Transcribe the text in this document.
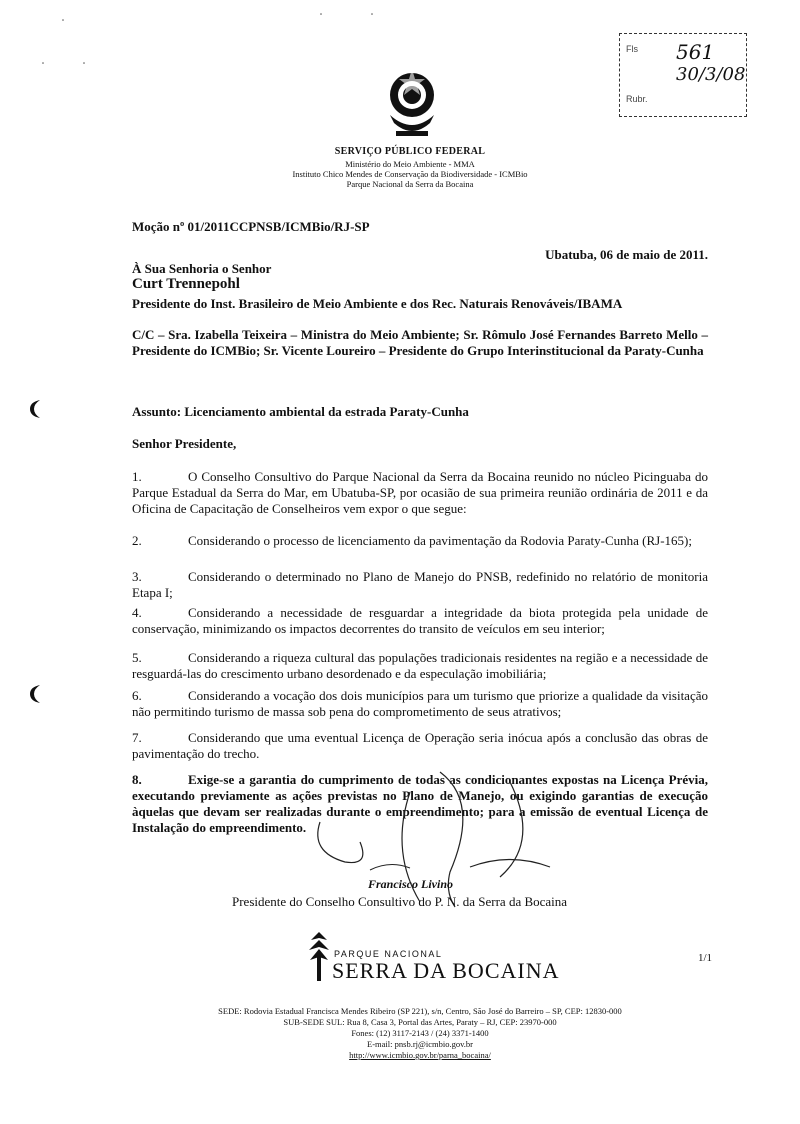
Fls 561
30/3/08
Rubr.
SERVIÇO PÚBLICO FEDERAL
Ministério do Meio Ambiente - MMA
Instituto Chico Mendes de Conservação da Biodiversidade - ICMBio
Parque Nacional da Serra da Bocaina
Moção nº 01/2011CCPNSB/ICMBio/RJ-SP
Ubatuba, 06 de maio de 2011.
À Sua Senhoria o Senhor
Curt Trennepohl
Presidente do Inst. Brasileiro de Meio Ambiente e dos Rec. Naturais Renováveis/IBAMA
C/C – Sra. Izabella Teixeira – Ministra do Meio Ambiente; Sr. Rômulo José Fernandes Barreto Mello – Presidente do ICMBio; Sr. Vicente Loureiro – Presidente do Grupo Interinstitucional da Paraty-Cunha
Assunto: Licenciamento ambiental da estrada Paraty-Cunha
Senhor Presidente,
1.	O Conselho Consultivo do Parque Nacional da Serra da Bocaina reunido no núcleo Picinguaba do Parque Estadual da Serra do Mar, em Ubatuba-SP, por ocasião de sua primeira reunião ordinária de 2011 e da Oficina de Capacitação de Conselheiros vem expor o que segue:
2.	Considerando o processo de licenciamento da pavimentação da Rodovia Paraty-Cunha (RJ-165);
3.	Considerando o determinado no Plano de Manejo do PNSB, redefinido no relatório de monitoria Etapa I;
4.	Considerando a necessidade de resguardar a integridade da biota protegida pela unidade de conservação, minimizando os impactos decorrentes do transito de veículos em seu interior;
5.	Considerando a riqueza cultural das populações tradicionais residentes na região e a necessidade de resguardá-las do crescimento urbano desordenado e da especulação imobiliária;
6.	Considerando a vocação dos dois municípios para um turismo que priorize a qualidade da visitação não permitindo turismo de massa sob pena do comprometimento de seus atrativos;
7.	Considerando que uma eventual Licença de Operação seria inócua após a conclusão das obras de pavimentação do trecho.
8.	Exige-se a garantia do cumprimento de todas as condicionantes expostas na Licença Prévia, executando previamente as ações previstas no Plano de Manejo, ou exigindo garantias de execução àquelas que devam ser realizadas durante o empreendimento; para a emissão de eventual Licença de Instalação do empreendimento.
Francisco Livino
Presidente do Conselho Consultivo do P. N. da Serra da Bocaina
PARQUE NACIONAL
SERRA DA BOCAINA	1/1
SEDE: Rodovia Estadual Francisca Mendes Ribeiro (SP 221), s/n, Centro, São José do Barreiro – SP, CEP: 12830-000
SUB-SEDE SUL: Rua 8, Casa 3, Portal das Artes, Paraty – RJ, CEP: 23970-000
Fones: (12) 3117-2143 / (24) 3371-1400
E-mail: pnsb.rj@icmbio.gov.br
http://www.icmbio.gov.br/parna_bocaina/
